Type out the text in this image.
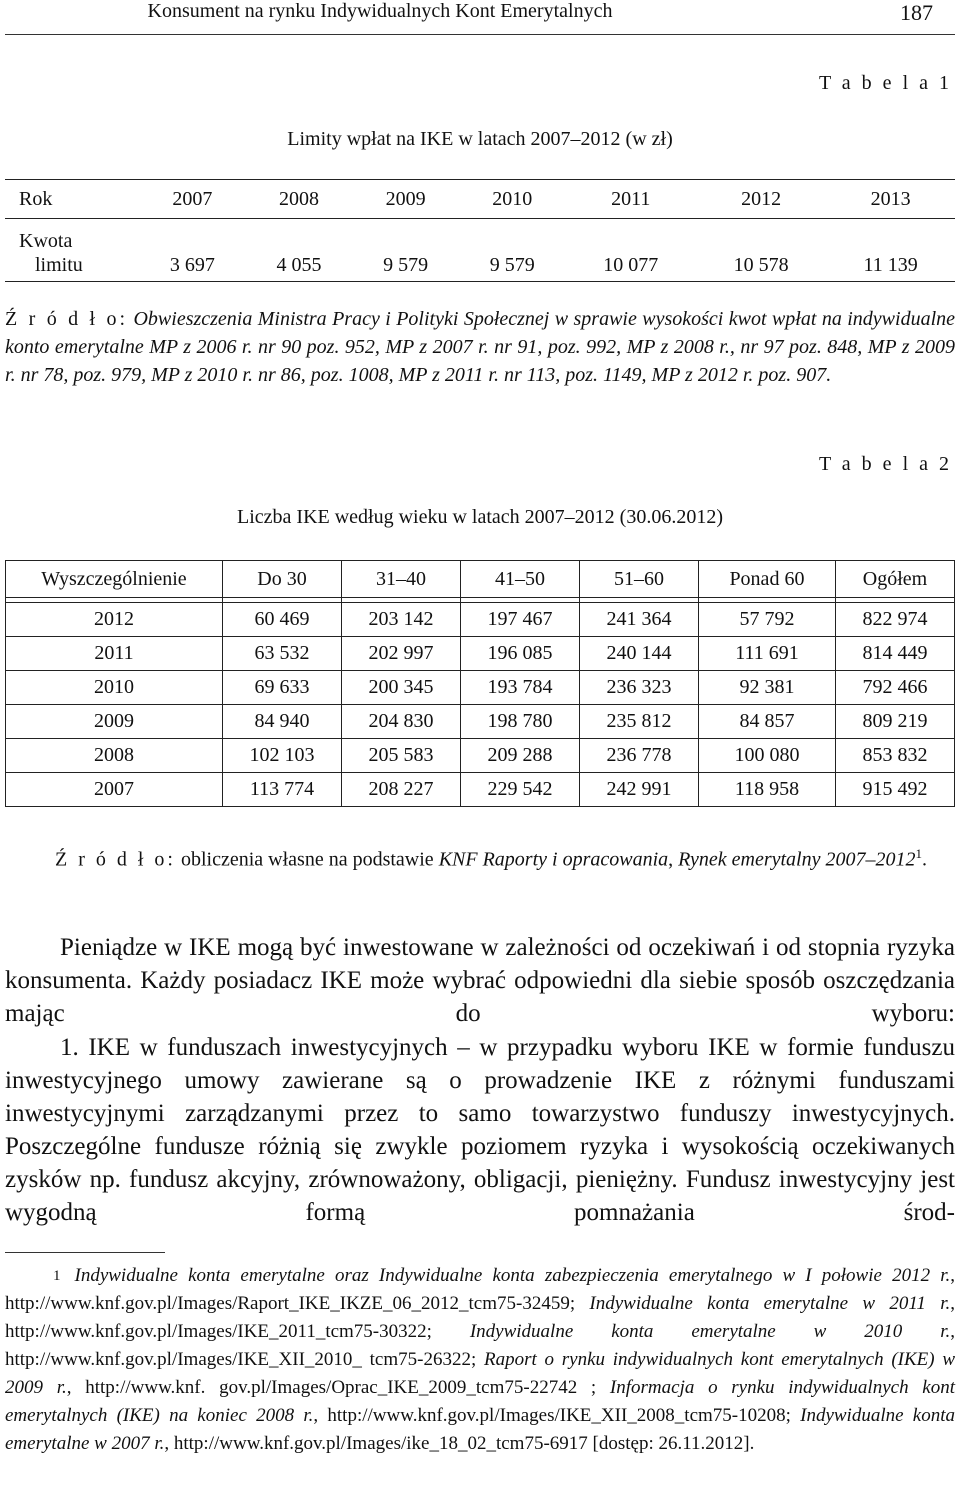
Konsument na rynku Indywidualnych Kont Emerytalnych	187
T a b e l a 1
Limity wpłat na IKE w latach 2007–2012 (w zł)
Rok	2007	2008	2009	2010	2011	2012	2013

Kwota
limitu	3 697	4 055	9 579	9 579	10 077	10 578	11 139
Ź r ó d ł o: Obwieszczenia Ministra Pracy i Polityki Społecznej w sprawie wysokości kwot wpłat na indywidualne konto emerytalne MP z 2006 r. nr 90 poz. 952, MP z 2007 r. nr 91, poz. 992, MP z 2008 r., nr 97 poz. 848, MP z 2009 r. nr 78, poz. 979, MP z 2010 r. nr 86, poz. 1008, MP z 2011 r. nr 113, poz. 1149, MP z 2012 r. poz. 907.
T a b e l a 2
Liczba IKE według wieku w latach 2007–2012 (30.06.2012)
Wyszczególnienie	Do 30	31–40	41–50	51–60	Ponad 60	Ogółem

2012	60 469	203 142	197 467	241 364	57 792	822 974
2011	63 532	202 997	196 085	240 144	111 691	814 449
2010	69 633	200 345	193 784	236 323	92 381	792 466
2009	84 940	204 830	198 780	235 812	84 857	809 219
2008	102 103	205 583	209 288	236 778	100 080	853 832
2007	113 774	208 227	229 542	242 991	118 958	915 492
Ź r ó d ł o: obliczenia własne na podstawie KNF Raporty i opracowania, Rynek emerytalny 2007–2012$^1$.
Pieniądze w IKE mogą być inwestowane w zależności od oczekiwań i od stopnia ryzyka konsumenta. Każdy posiadacz IKE może wybrać odpowiedni dla siebie sposób oszczędzania mając do wyboru:
1. IKE w funduszach inwestycyjnych – w przypadku wyboru IKE w formie funduszu inwestycyjnego umowy zawierane są o prowadzenie IKE z różnymi funduszami inwestycyjnymi zarządzanymi przez to samo towarzystwo funduszy inwestycyjnych. Poszczególne fundusze różnią się zwykle poziomem ryzyka i wysokością oczekiwanych zysków np. fundusz akcyjny, zrównoważony, obligacji, pieniężny. Fundusz inwestycyjny jest wygodną formą pomnażania środ-
$^1$ Indywidualne konta emerytalne oraz Indywidualne konta zabezpieczenia emerytalnego w I połowie 2012 r., http://www.knf.gov.pl/Images/Raport_IKE_IKZE_06_2012_tcm75-32459; Indywidualne konta emerytalne w 2011 r., http://www.knf.gov.pl/Images/IKE_2011_tcm75-30322; Indywidualne konta emerytalne w 2010 r., http://www.knf.gov.pl/Images/IKE_XII_2010_ tcm75-26322; Raport o rynku indywidualnych kont emerytalnych (IKE) w 2009 r., http://www.knf. gov.pl/Images/Oprac_IKE_2009_tcm75-22742 ; Informacja o rynku indywidualnych kont emerytalnych (IKE) na koniec 2008 r., http://www.knf.gov.pl/Images/IKE_XII_2008_tcm75-10208; Indywidualne konta emerytalne w 2007 r., http://www.knf.gov.pl/Images/ike_18_02_tcm75-6917 [dostęp: 26.11.2012].
